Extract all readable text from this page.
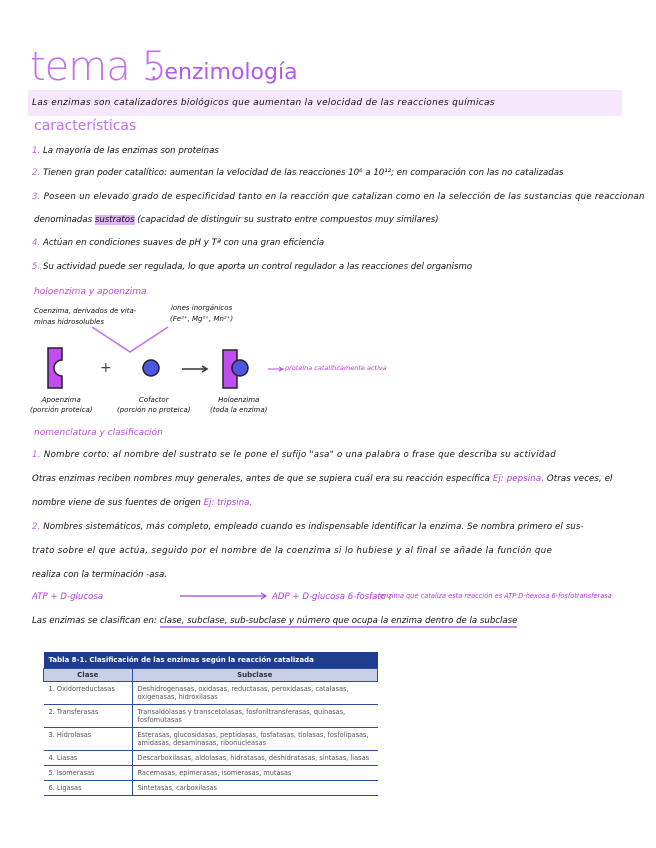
tema 5
: enzimología
Las enzimas son catalizadores biológicos que aumentan la velocidad de las reacciones químicas
características
1. La mayoría de las enzimas son proteínas
2. Tienen gran poder catalítico: aumentan la velocidad de las reacciones 10⁶ a 10¹²; en comparación con las no catalizadas
3. Poseen un elevado grado de especificidad tanto en la reacción que catalizan como en la selección de las sustancias que reaccionan
denominadas sustratos (capacidad de distinguir su sustrato entre compuestos muy similares)
4. Actúan en condiciones suaves de pH y Tª con una gran eficiencia
5. Su actividad puede ser regulada, lo que aporta un control regulador a las reacciones del organismo
holoenzima y apoenzima
Coenzima, derivados de vita-
minas hidrosolubles
iones inorgánicos
(Fe²⁺, Mg²⁺, Mn²⁺)
+	proteína catalíticamente activa
Apoenzima
(porción proteica)
Cofactor
(porción no proteica)
Holoenzima
(toda la enzima)
nomenclatura y clasificación
1. Nombre corto: al nombre del sustrato se le pone el sufijo "asa" o una palabra o frase que describa su actividad
Otras enzimas reciben nombres muy generales, antes de que se supiera cuál era su reacción específica Ej: pepsina. Otras veces, el
nombre viene de sus fuentes de origen Ej: tripsina.
2. Nombres sistemáticos, más completo, empleado cuando es indispensable identificar la enzima. Se nombra primero el sus-
trato sobre el que actúa, seguido por el nombre de la coenzima si lo hubiese y al final se añade la función que
realiza con la terminación -asa.
ATP + D-glucosa	ADP + D-glucosa 6-fosfato ;
enzima que cataliza esta reacción es ATP:D-hexosa 6-fosfotransferasa
Las enzimas se clasifican en: clase, subclase, sub-subclase y número que ocupa la enzima dentro de la subclase
Tabla 8-1. Clasificación de las enzimas según la reacción catalizada	
Clase	Subclase
1. Oxidorreductasas	Deshidrogenasas, oxidasas, reductasas, peroxidasas, catalasas, oxigenasas, hidroxilasas
2. Transferasas	Transaldolasas y transcetolasas, fosforiltransferasas, quinasas, fosfomutasas
3. Hidrolasas	Esterasas, glucosidasas, peptidasas, fosfatasas, tiolasas, fosfolipasas, amidasas, desaminasas, ribonucleasas
4. Liasas	Descarboxilasas, aldolasas, hidratasas, deshidratasas, sintasas, liasas
5. Isomerasas	Racemasas, epimerasas, isomerasas, mutasas
6. Ligasas	Sintetasas, carboxilasas
